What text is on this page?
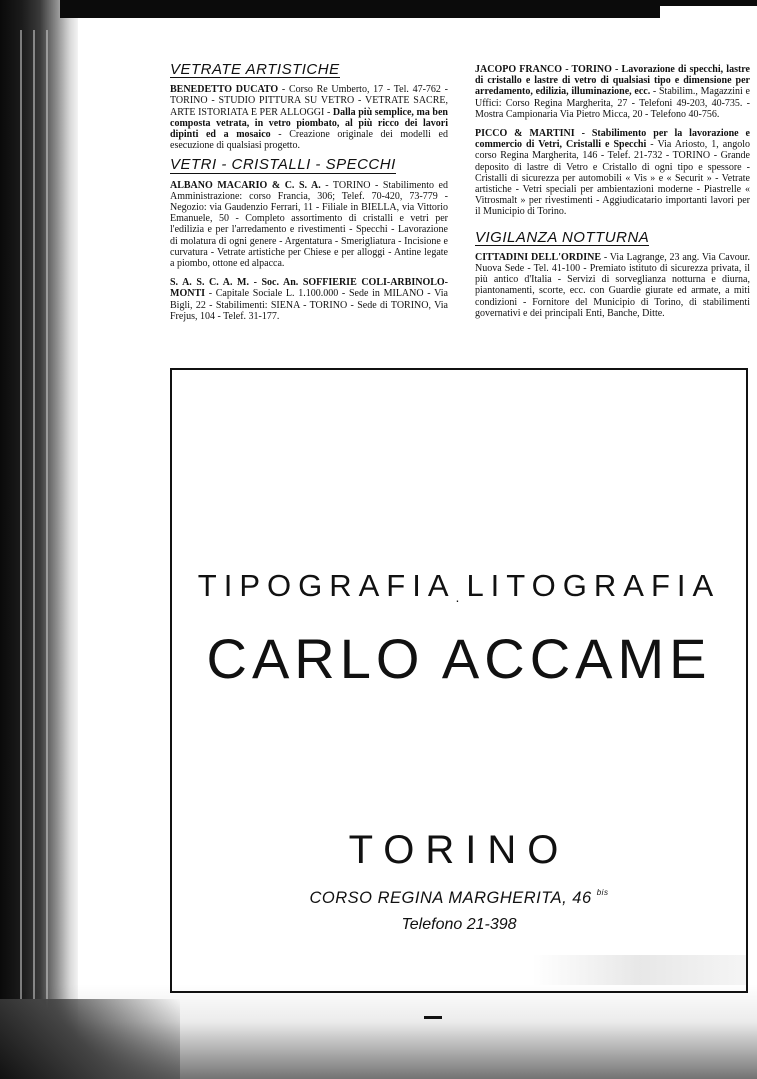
VETRATE ARTISTICHE

BENEDETTO DUCATO - Corso Re Umberto, 17 - Tel. 47-762 - TORINO - STUDIO PITTURA SU VETRO - VETRATE SACRE, ARTE ISTORIATA E PER ALLOGGI - Dalla più semplice, ma ben composta vetrata, in vetro piombato, al più ricco dei lavori dipinti ed a mosaico - Creazione originale dei modelli ed esecuzione di qualsiasi progetto.

VETRI - CRISTALLI - SPECCHI

ALBANO MACARIO & C. S. A. - TORINO - Stabilimento ed Amministrazione: corso Francia, 306; Telef. 70-420, 73-779 - Negozio: via Gaudenzio Ferrari, 11 - Filiale in BIELLA, via Vittorio Emanuele, 50 - Completo assortimento di cristalli e vetri per l'edilizia e per l'arredamento e rivestimenti - Specchi - Lavorazione di molatura di ogni genere - Argentatura - Smerigliatura - Incisione e curvatura - Vetrate artistiche per Chiese e per alloggi - Antine legate a piombo, ottone ed alpacca.

S. A. S. C. A. M. - Soc. An. SOFFIERIE COLI-ARBINOLO-MONTI - Capitale Sociale L. 1.100.000 - Sede in MILANO - Via Bigli, 22 - Stabilimenti: SIENA - TORINO - Sede di TORINO, Via Frejus, 104 - Telef. 31-177.

JACOPO FRANCO - TORINO - Lavorazione di specchi, lastre di cristallo e lastre di vetro di qualsiasi tipo e dimensione per arredamento, edilizia, illuminazione, ecc. - Stabilim., Magazzini e Uffici: Corso Regina Margherita, 27 - Telefoni 49-203, 40-735. - Mostra Campionaria Via Pietro Micca, 20 - Telefono 40-756.

PICCO & MARTINI - Stabilimento per la lavorazione e commercio di Vetri, Cristalli e Specchi - Via Ariosto, 1, angolo corso Regina Margherita, 146 - Telef. 21-732 - TORINO - Grande deposito di lastre di Vetro e Cristallo di ogni tipo e spessore - Cristalli di sicurezza per automobili « Vis » e « Securit » - Vetrate artistiche - Vetri speciali per ambientazioni moderne - Piastrelle « Vitrosmalt » per rivestimenti - Aggiudicatario importanti lavori per il Municipio di Torino.

VIGILANZA NOTTURNA

CITTADINI DELL'ORDINE - Via Lagrange, 23 ang. Via Cavour. Nuova Sede - Tel. 41-100 - Premiato istituto di sicurezza privata, il più antico d'Italia - Servizi di sorveglianza notturna e diurna, piantonamenti, scorte, ecc. con Guardie giurate ed armate, a miti condizioni - Fornitore del Municipio di Torino, di stabilimenti governativi e dei principali Enti, Banche, Ditte.

TIPOGRAFIA.LITOGRAFIA
CARLO ACCAME
TORINO
CORSO REGINA MARGHERITA, 46 $^{bis}$
Telefono 21-398
